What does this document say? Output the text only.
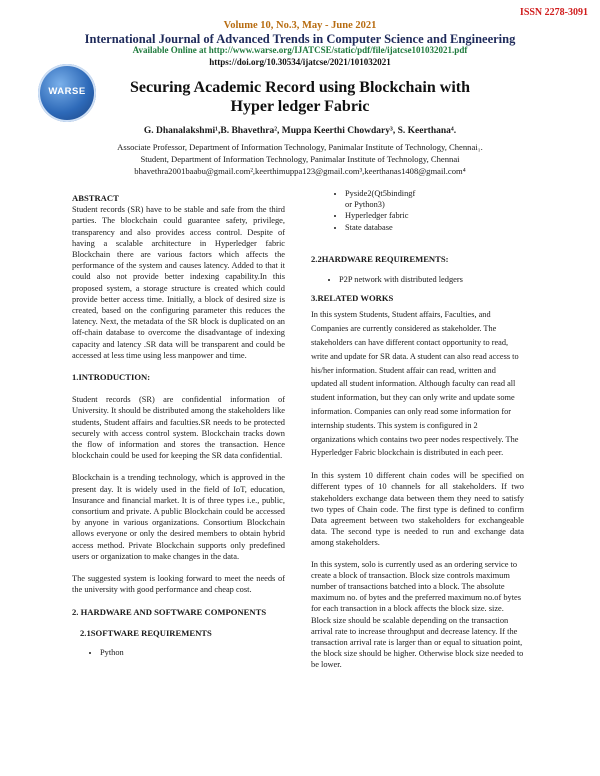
ISSN 2278-3091
Volume 10, No.3, May - June 2021
International Journal of Advanced Trends in Computer Science and Engineering
Available Online at http://www.warse.org/IJATCSE/static/pdf/file/ijatcse101032021.pdf
https://doi.org/10.30534/ijatcse/2021/101032021
WARSE	Securing Academic Record using Blockchain with
Hyper ledger Fabric
G. Dhanalakshmi¹,B. Bhavethra², Muppa Keerthi Chowdary³, S. Keerthana⁴.
Associate Professor, Department of Information Technology, Panimalar Institute of Technology, Chennai₁.
Student, Department of Information Technology, Panimalar Institute of Technology, Chennai
bhavethra2001baabu@gmail.com²,keerthimuppa123@gmail.com³,keerthanas1408@gmail.com⁴

ABSTRACT

Student records (SR) have to be stable and safe from the third parties. The blockchain could guarantee safety, privilege, transparency and also provides access control. Despite of having a scalable architecture in Hyperledger fabric Blockchain there are various factors which affects the performance of the system and causes latency. Added to that it could also not provide better indexing capability.In this proposed system, a storage structure is created which could provide better access time. Initially, a block of desired size is created, based on the configuring parameter this reduces the latency. Next, the metadata of the SR block is duplicated on an off-chain database to overcome the disadvantage of indexing capacity and latency .SR data will be transparent and could be accessed at less time using less manpower and time.

1.INTRODUCTION:

Student records (SR) are confidential information of University. It should be distributed among the stakeholders like students, Student affairs and faculties.SR needs to be protected securely with access control system. Blockchain tracks down the flow of information and stores the transaction. Hence blockchain could be used for keeping the SR data confidential.

Blockchain is a trending technology, which is approved in the present day. It is widely used in the field of IoT, education, Insurance and financial market. It is of three types i.e., public, consortium and private. A public Blockchain could be accessed by anyone in various organizations. Consortium Blockchain allows everyone or only the desired members to obtain hybrid access method. Private Blockchain supports only predefined users or organization to make changes in the data.

The suggested system is looking forward to meet the needs of the university with good performance and cheap cost.

2. HARDWARE AND SOFTWARE COMPONENTS

2.1SOFTWARE REQUIREMENTS

• Python
• Pyside2(Qt5bindingf
or Python3)
• Hyperledger fabric
• State database

2.2HARDWARE REQUIREMENTS:

• P2P network with distributed ledgers

3.RELATED WORKS

In this system Students, Student affairs, Faculties, and Companies are currently considered as stakeholder. The stakeholders can have different contact opportunity to read, write and update for SR data. A student can also read access to his/her information. Student affair can read, written and updated all student information. Although faculty can read all student information, but they can only write and update some information. Companies can only read some information for internship students. This system is configured in 2 organizations which contains two peer nodes respectively. The Hyperledger Fabric blockchain is distributed in each peer.

In this system 10 different chain codes will be specified on different types of 10 channels for all stakeholders. If two stakeholders exchange data between them they need to satisfy two types of Chain code. The first type is defined to confirm Data agreement between two stakeholders for exchangeable data. The second type is needed to run and exchange data among stakeholders.

In this system, solo is currently used as an ordering service to create a block of transaction. Block size controls maximum number of transactions batched into a block. The absolute maximum no. of bytes and the preferred maximum no.of bytes for each transaction in a block affects the block size. size. Block size should be scalable depending on the transaction arrival rate to increase throughput and decrease latency. If the transaction arrival rate is larger than or equal to situation point, the block size should be higher. Otherwise block size needed to be lower.
